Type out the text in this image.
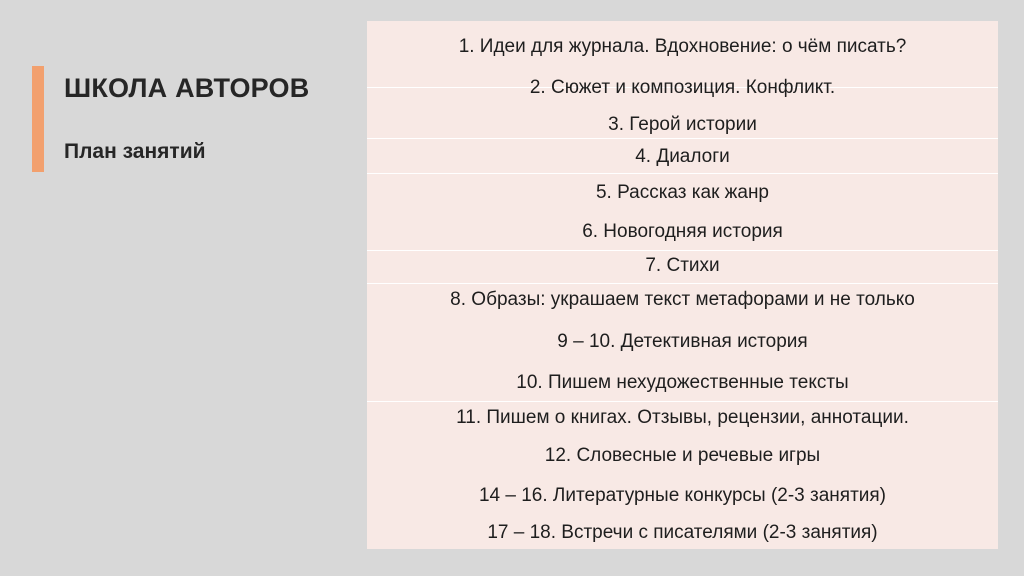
ШКОЛА АВТОРОВ
План занятий
1. Идеи для журнала. Вдохновение: о чём писать?
2. Сюжет и композиция. Конфликт.
3. Герой истории
4. Диалоги
5. Рассказ как жанр
6. Новогодняя история
7. Стихи
8. Образы: украшаем текст метафорами и не только
9 – 10. Детективная история
10. Пишем нехудожественные тексты
11. Пишем о книгах. Отзывы, рецензии, аннотации.
12. Словесные и речевые игры
14 – 16. Литературные конкурсы (2-3 занятия)
17 – 18. Встречи с писателями (2-3 занятия)
